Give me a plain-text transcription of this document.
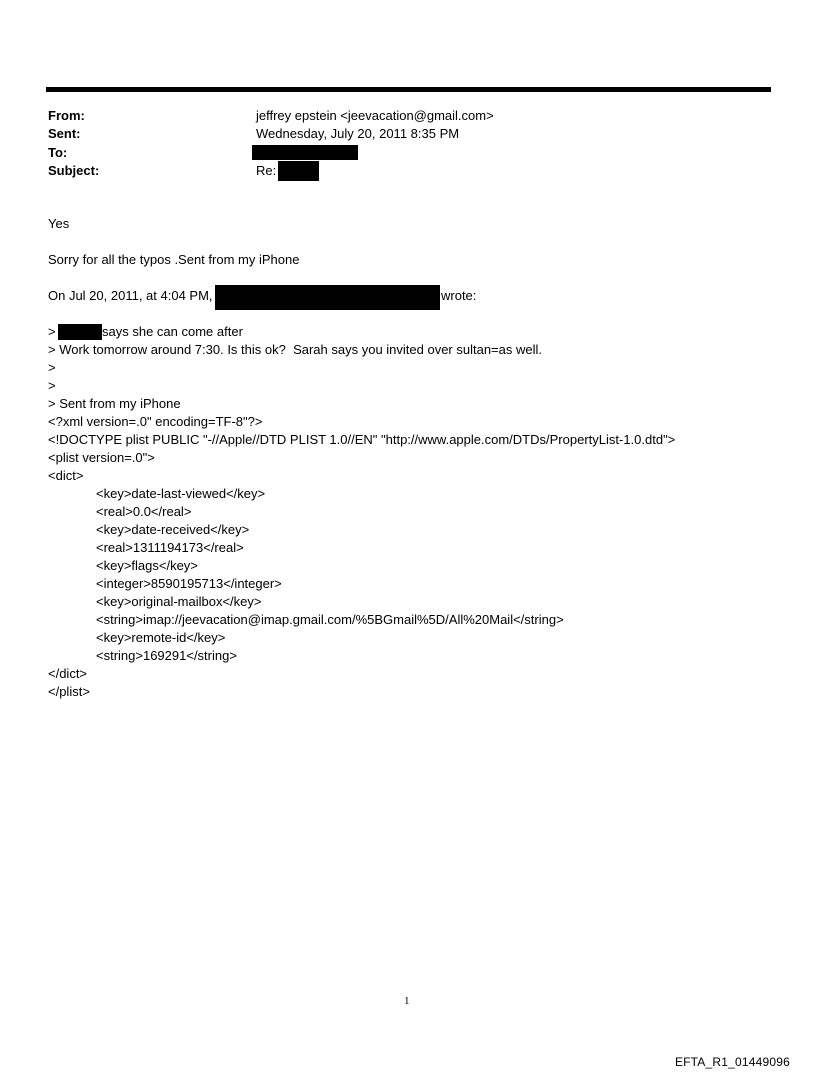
From:	jeffrey epstein <jeevacation@gmail.com>
Sent:	Wednesday, July 20, 2011 8:35 PM
To:
Subject:	Re:
Yes
Sorry for all the typos .Sent from my iPhone
On Jul 20, 2011, at 4:04 PM,	wrote:
>	says she can come after
> Work tomorrow around 7:30. Is this ok?  Sarah says you invited over sultan=as well.
>
>
> Sent from my iPhone
<?xml version=.0" encoding=TF-8"?>
<!DOCTYPE plist PUBLIC "-//Apple//DTD PLIST 1.0//EN" "http://www.apple.com/DTDs/PropertyList-1.0.dtd">
<plist version=.0">
<dict>
<key>date-last-viewed</key>
<real>0.0</real>
<key>date-received</key>
<real>1311194173</real>
<key>flags</key>
<integer>8590195713</integer>
<key>original-mailbox</key>
<string>imap://jeevacation@imap.gmail.com/%5BGmail%5D/All%20Mail</string>
<key>remote-id</key>
<string>169291</string>
</dict>
</plist>
1
EFTA_R1_01449096
